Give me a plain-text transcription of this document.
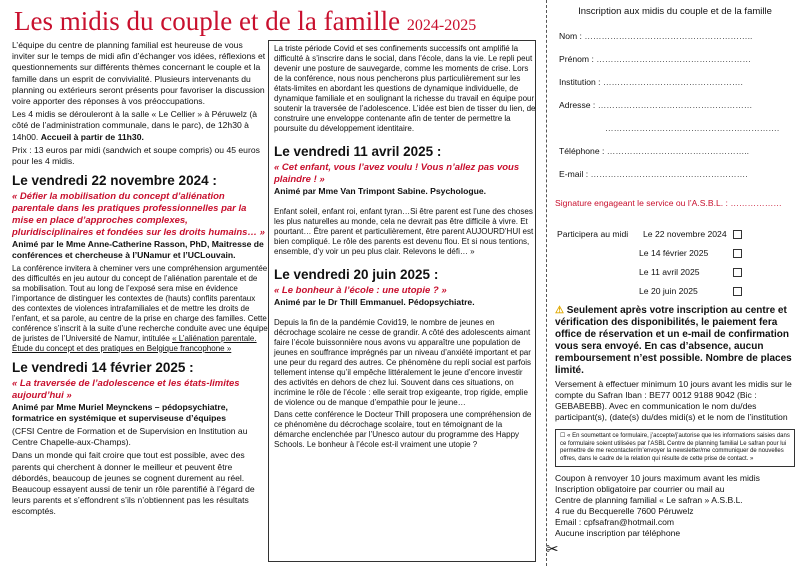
Les midis du couple et de la famille 2024-2025

L’équipe du centre de planning familial est heureuse de vous inviter sur le temps de midi afin d’échanger vos idées, réflexions et questionnements sur différents thèmes concernant le couple et la famille dans un esprit de convivialité. Plusieurs intervenants du planning ou extérieurs seront présents pour favoriser la discussion voire apporter des réponses à vos préoccupations.

Les 4 midis se dérouleront à la salle « Le Cellier » à Péruwelz (à côté de l’administration communale, dans le parc), de 12h30 à 14h00. Accueil à partir de 11h30.

Prix : 13 euros par midi (sandwich et soupe compris) ou 45 euros pour les 4 midis.

Le vendredi 22 novembre 2024 :
« Défier la mobilisation du concept d’aliénation parentale dans les pratiques professionnelles par la mise en place d’approches complexes, pluridisciplinaires et fondées sur les droits humains… »

Animé par le Mme Anne-Catherine Rasson, PhD, Maitresse de conférences et chercheuse à l’UNamur et l’UCLouvain.

La conférence invitera à cheminer vers une compréhension argumentée des difficultés en jeu autour du concept de l’aliénation parentale et de sa mobilisation. Tout au long de l’exposé sera mise en évidence l’importance de distinguer les contextes de (hauts) conflits parentaux des contextes de violences intrafamiliales et de mettre les droits de l’enfant, et sa parole, au centre de la prise en charge des familles. Cette conférence s’inscrit à la suite d’une recherche conduite avec une équipe de juristes de l’Université de Namur, intitulée « L’aliénation parentale. Étude du concept et des pratiques en Belgique francophone »

Le vendredi 14 février 2025 :
« La traversée de l’adolescence et les états-limites aujourd’hui »

Animé par Mme Muriel Meynckens – pédopsychiatre, formatrice en systémique et superviseuse d’équipes

(CFSI Centre de Formation et de Supervision en Institution au Centre Chapelle-aux-Champs).

Dans un monde qui fait croire que tout est possible, avec des parents qui cherchent à donner le meilleur et peuvent être débordés, beaucoup de jeunes se cognent durement au réel. Beaucoup essayent aussi de tenir un rôle parentifié à l’égard de leurs parents et s’effondrent s’ils n’obtiennent pas les résultats escomptés.

La triste période Covid et ses confinements successifs ont amplifié la difficulté à s’inscrire dans le social, dans l’école, dans la vie. Le repli peut devenir une posture de sauvegarde, comme les moments de crise. Lors de la conférence, nous nous pencherons plus particulièrement sur les états-limites en abordant les questions de dynamique individuelle, de dynamique familiale et en soulignant la richesse du travail en équipe pour soutenir la traversée de l’adolescence. L’idée est bien de tisser du lien, de construire une enveloppe contenante afin de tenter de permettre la poursuite du développement identitaire.

Le vendredi 11 avril 2025 :
« Cet enfant, vous l’avez voulu ! Vous n’allez pas vous plaindre ! »

Animé par Mme Van Trimpont Sabine. Psychologue.

Enfant soleil, enfant roi, enfant tyran…Si être parent est l’une des choses les plus naturelles au monde, cela ne devrait pas être difficile à vivre. Et pourtant… Être parent et particulièrement, être parent AUJOURD’HUI est bien compliqué. Le rôle des parents est devenu flou. Et si nous tentions, ensemble, d’y voir un peu plus clair. Relevons le défi… »

Le vendredi 20 juin 2025 :
« Le bonheur à l’école : une utopie ? »

Animé par le Dr Thill Emmanuel. Pédopsychiatre.

Depuis la fin de la pandémie Covid19, le nombre de jeunes en décrochage scolaire ne cesse de grandir. A côté des adolescents aimant faire l’école buissonnière nous avons vu apparaître une population de jeunes en souffrance imprégnés par un niveau d’anxiété important et par une peur du regard des autres. Ce phénomène du repli social est parfois tellement intense qu’il empêche littéralement le jeune d’encore investir des activités en dehors de chez lui. Souvent dans ces situations, on incrimine le rôle de l’école : elle serait trop exigeante, trop rigide, emplie de violence ou de manque d’empathie pour le jeune…

Dans cette conférence le Docteur Thill proposera une compréhension de ce phénomène du décrochage scolaire, tout en témoignant de la démarche enclenchée par l’Unesco autour du programme des Happy Schools. Le bonheur à l’école est-il vraiment une utopie ?

Inscription aux midis du couple et de la famille
Nom : …………………………………………………..
Prénom : ………………………………………………
Institution : ………………………………………….
Adresse : ………………………………………………
…………………………………………………….
Téléphone : …………………………………………..
E-mail : ……………………………………………….
Signature engageant le service ou l’A.S.B.L. : ………………
Participera au midi Le 22 novembre 2024
Le 14 février 2025
Le 11 avril 2025
Le 20 juin 2025
⚠ Seulement après votre inscription au centre et vérification des disponibilités, le paiement fera office de réservation et un e-mail de confirmation vous sera envoyé. En cas d’absence, aucun remboursement n’est possible. Nombre de places limité.

Versement à effectuer minimum 10 jours avant les midis sur le compte du Safran Iban : BE77 0012 9188 9042 (Bic : GEBABEBB). Avec en communication le nom du/des participant(s), (date(s) du/des midi(s) et le nom de l’institution

☐ « En soumettant ce formulaire, j’accepte/j’autorise que les informations saisies dans ce formulaire soient utilisées par l’ASBL Centre de planning familial Le safran pour lui permettre de me recontacter/m’envoyer la newsletter/me communiquer de nouvelles offres, dans le cadre de la relation qui résulte de cette prise de contact. »
Coupon à renvoyer 10 jours maximum avant les midis
Inscription obligatoire par courrier ou mail au
Centre de planning familial « Le safran » A.S.B.L.
4 rue du Becquerelle 7600 Péruwelz
Email : cpfsafran@hotmail.com
Aucune inscription par téléphone
✂
